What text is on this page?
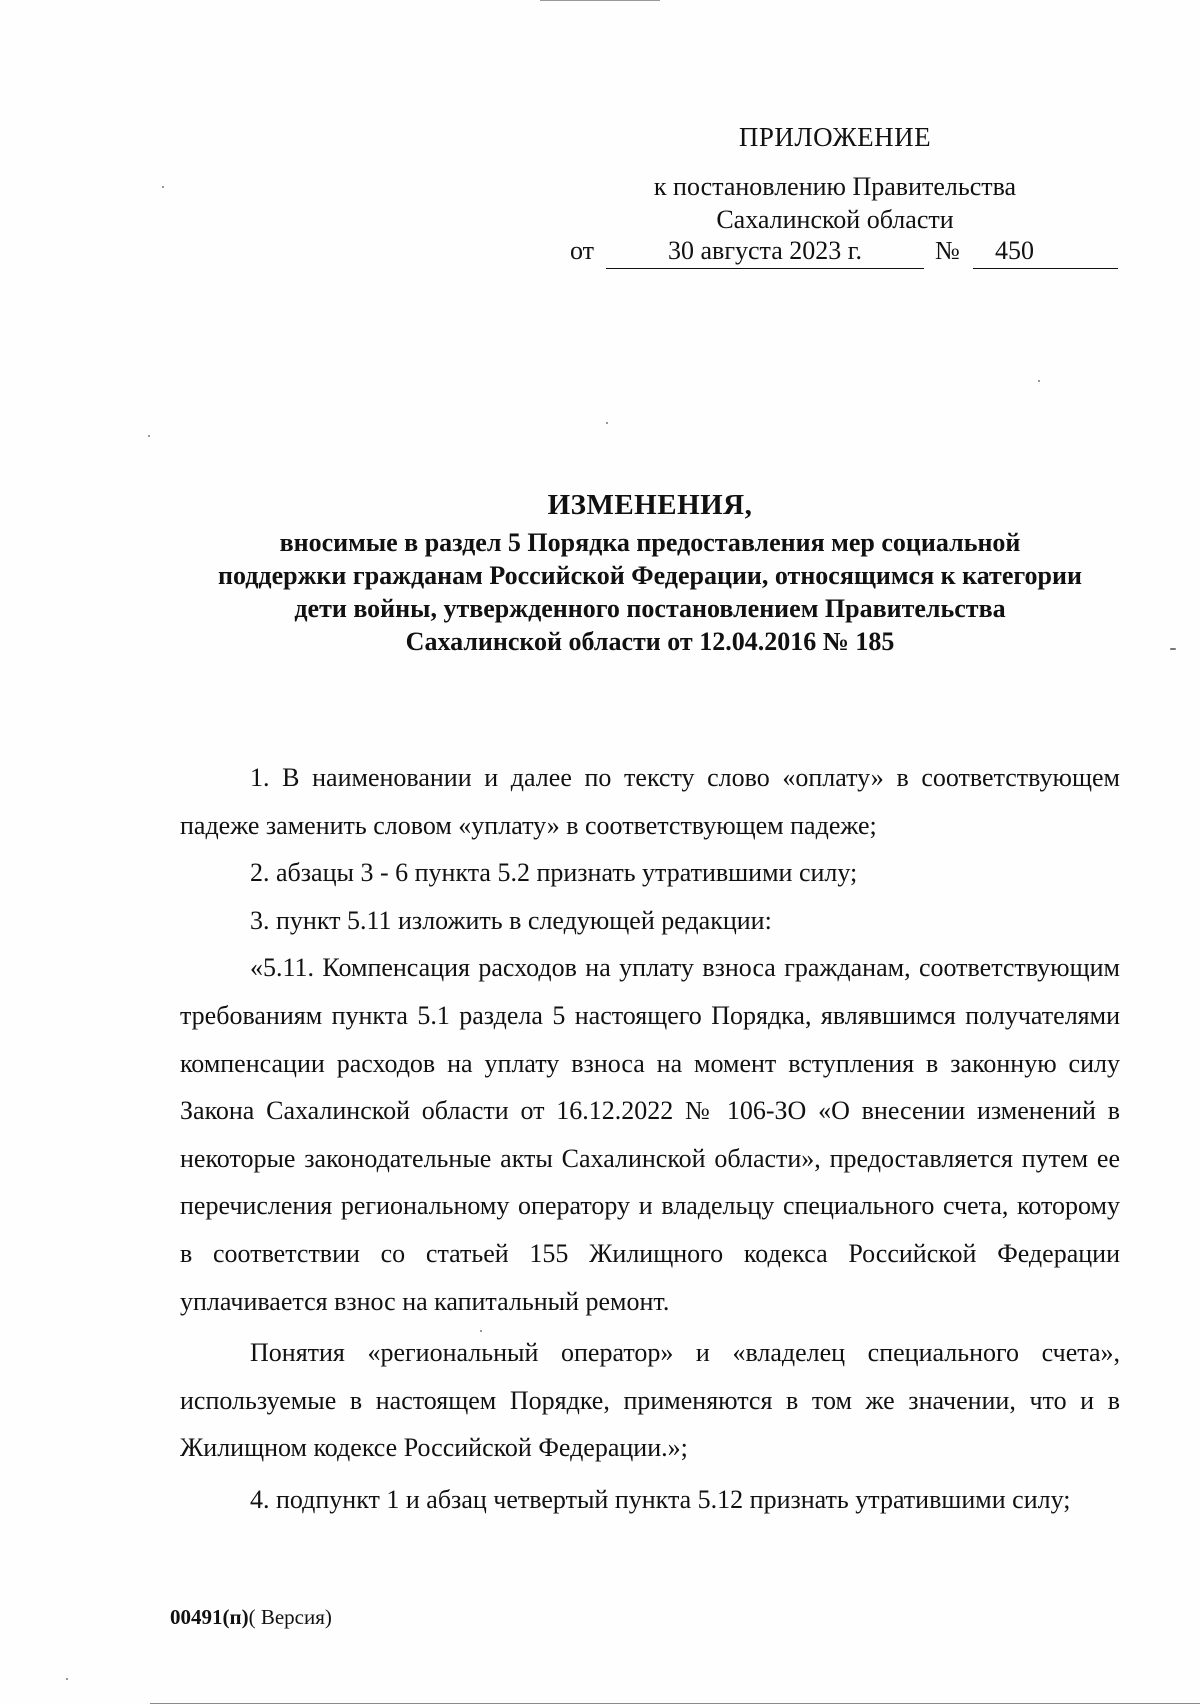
ПРИЛОЖЕНИЕ
к постановлению Правительства
Сахалинской области
от	30 августа 2023 г.	№ 450
ИЗМЕНЕНИЯ,
вносимые в раздел 5 Порядка предоставления мер социальной
поддержки гражданам Российской Федерации, относящимся к категории
дети войны, утвержденного постановлением Правительства
Сахалинской области от 12.04.2016 № 185

1. В наименовании и далее по тексту слово «оплату» в соответствующем падеже заменить словом «уплату» в соответствующем падеже;

2. абзацы 3 - 6 пункта 5.2 признать утратившими силу;

3. пункт 5.11 изложить в следующей редакции:

«5.11. Компенсация расходов на уплату взноса гражданам, соответствующим требованиям пункта 5.1 раздела 5 настоящего Порядка, являвшимся получателями компенсации расходов на уплату взноса на момент вступления в законную силу Закона Сахалинской области от 16.12.2022 № 106-ЗО «О внесении изменений в некоторые законодательные акты Сахалинской области», предоставляется путем ее перечисления региональному оператору и владельцу специального счета, которому в соответствии со статьей 155 Жилищного кодекса Российской Федерации уплачивается взнос на капитальный ремонт.

Понятия «региональный оператор» и «владелец специального счета», используемые в настоящем Порядке, применяются в том же значении, что и в Жилищном кодексе Российской Федерации.»;

4. подпункт 1 и абзац четвертый пункта 5.12 признать утратившими силу;

00491(п)( Версия)
